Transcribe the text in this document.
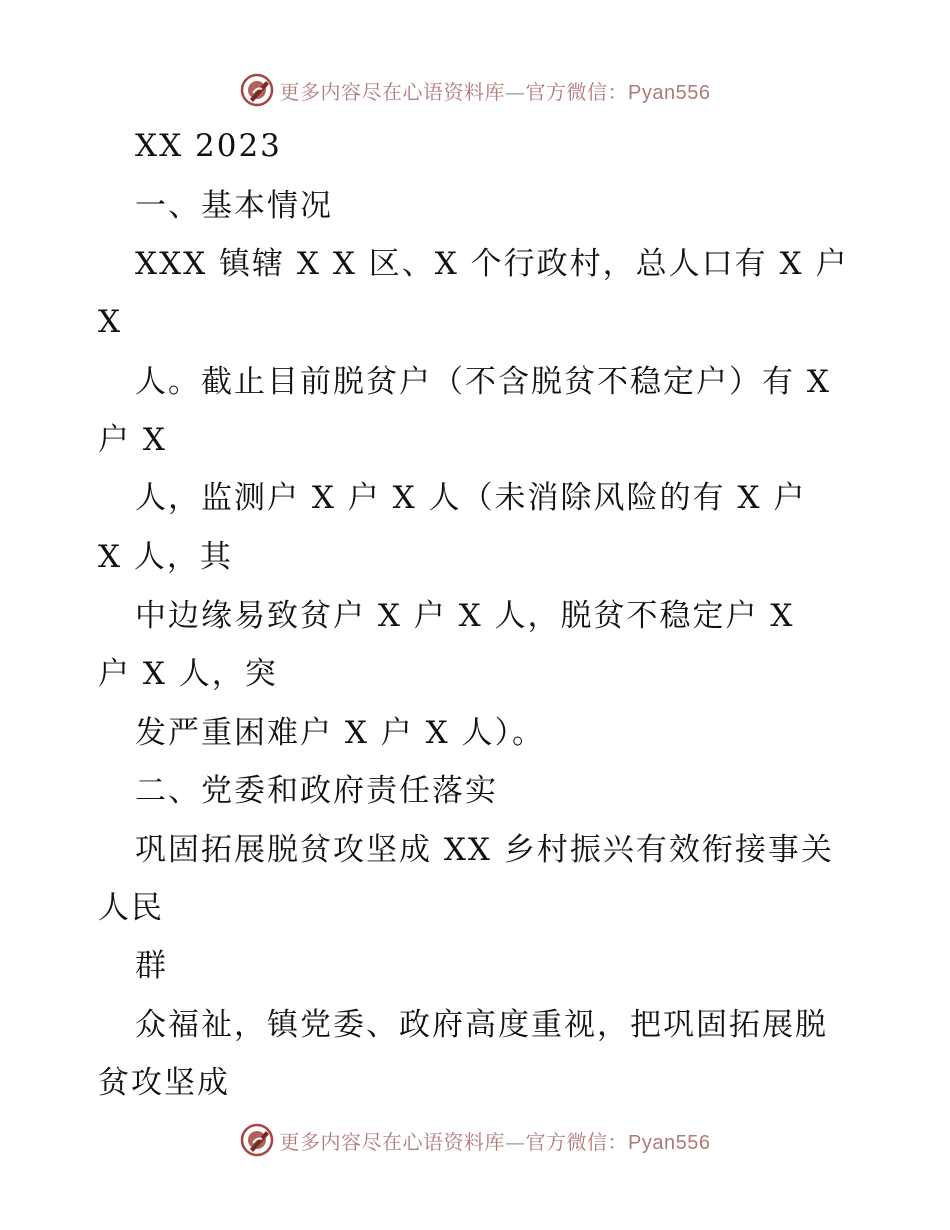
更多内容尽在心语资料库—官方微信：Pyan556
XX 2023
一、基本情况
XXX 镇辖 X X 区、X 个行政村，总人口有 X 户
X
人。截止目前脱贫户（不含脱贫不稳定户）有 X
户 X
人，监测户 X 户 X 人（未消除风险的有 X 户
X 人，其
中边缘易致贫户 X 户 X 人，脱贫不稳定户 X
户 X 人，突
发严重困难户 X 户 X 人）。
二、党委和政府责任落实
巩固拓展脱贫攻坚成 XX 乡村振兴有效衔接事关
人民
群
众福祉，镇党委、政府高度重视，把巩固拓展脱
贫攻坚成
更多内容尽在心语资料库—官方微信：Pyan556
